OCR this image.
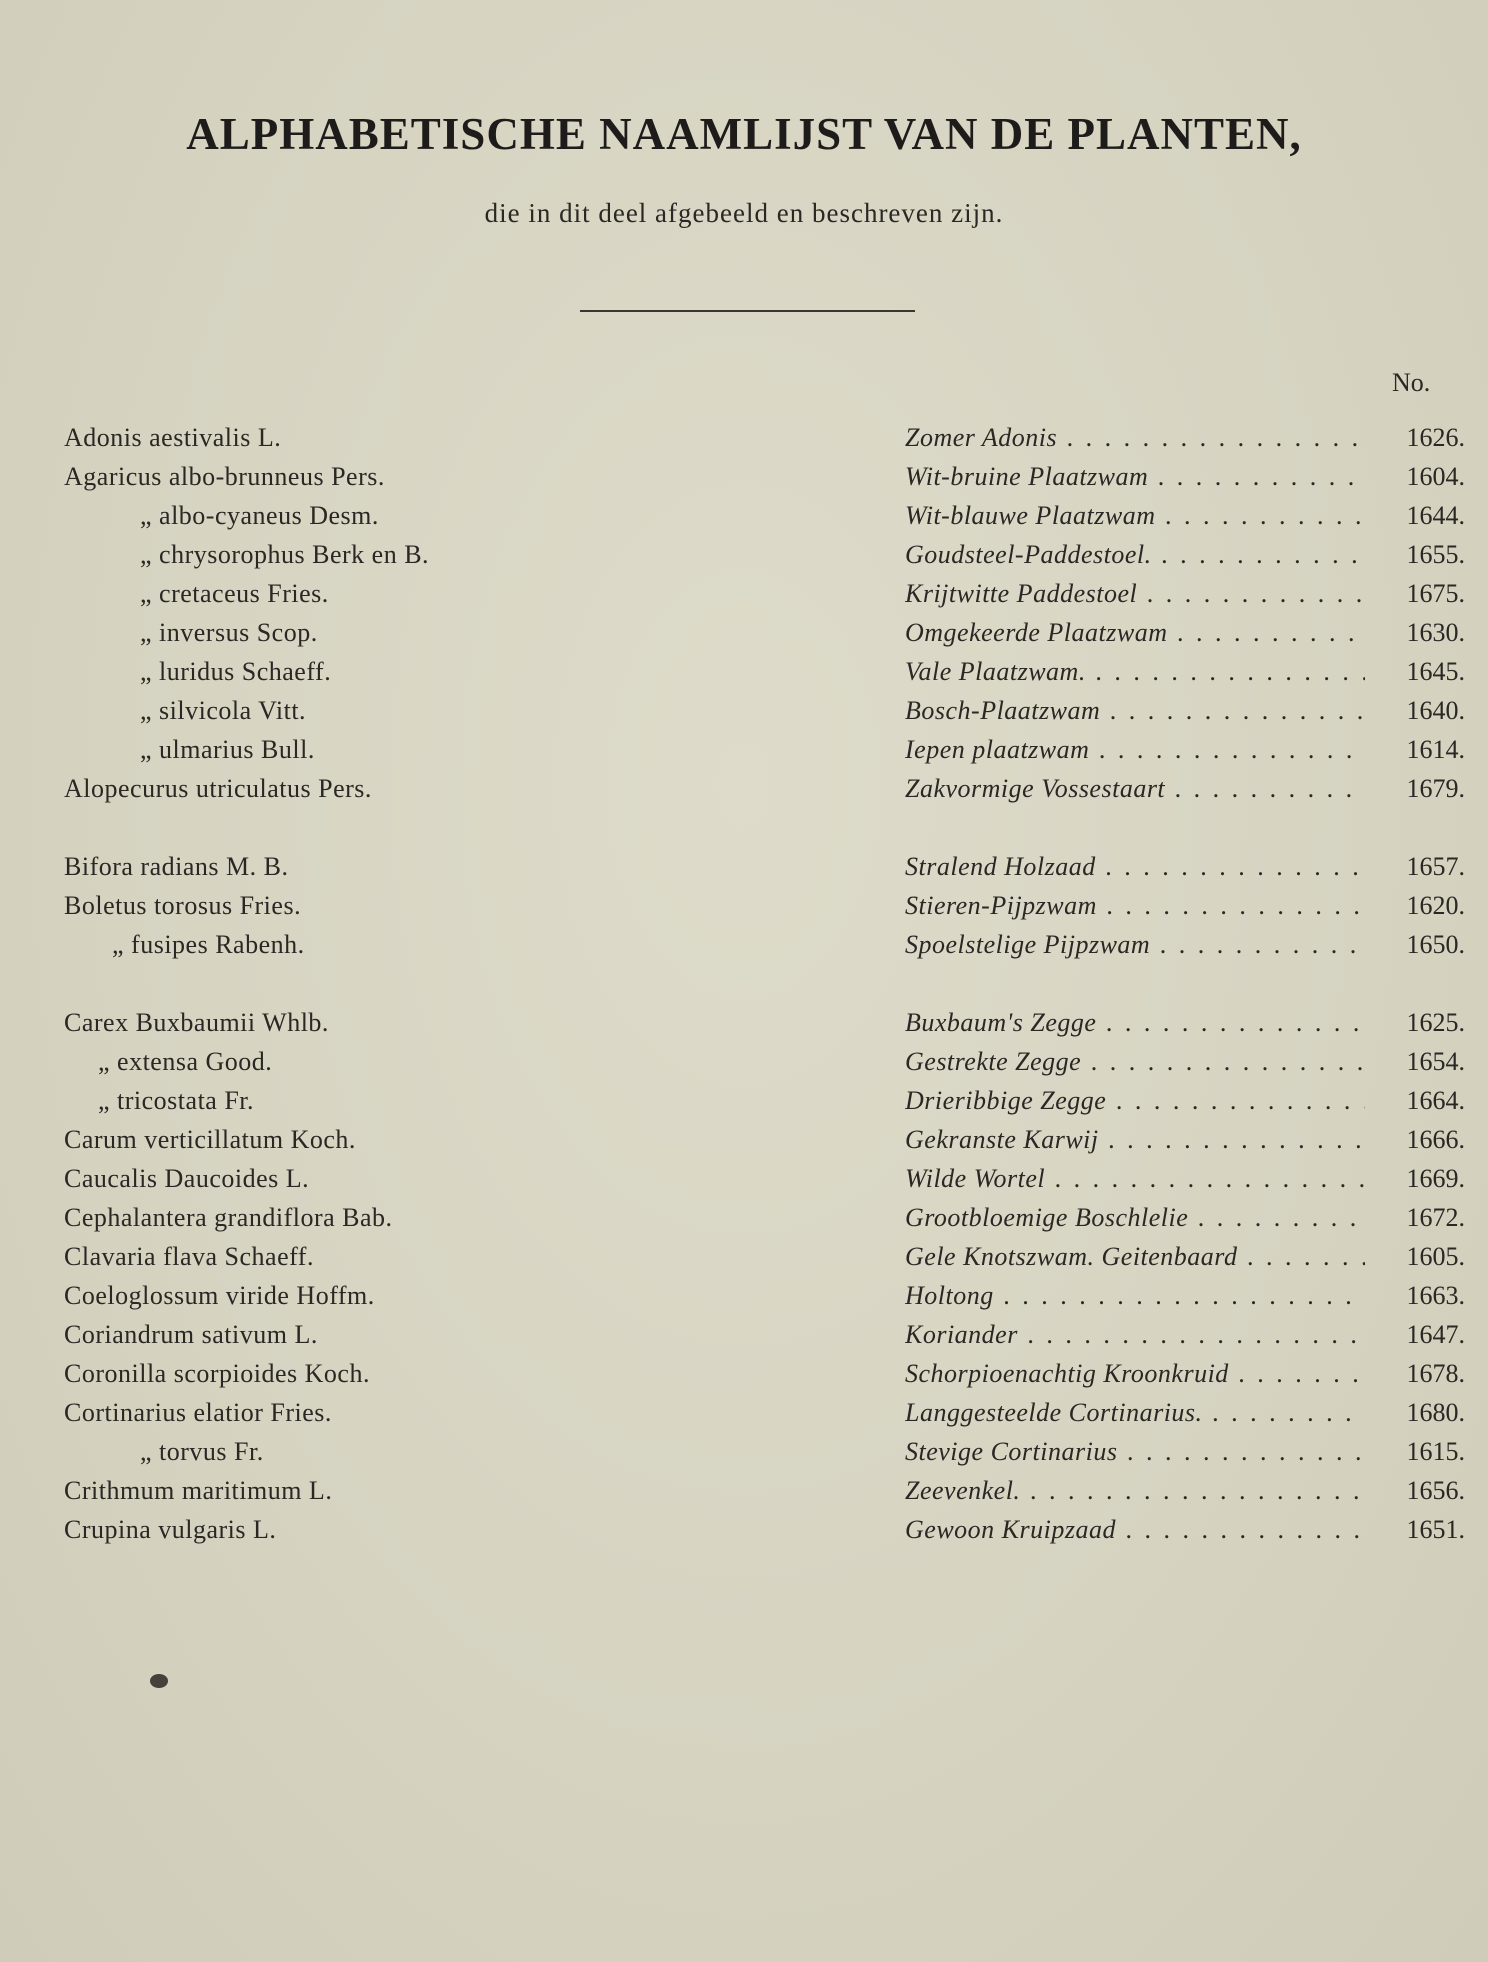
ALPHABETISCHE NAAMLIJST VAN DE PLANTEN,
die in dit deel afgebeeld en beschreven zijn.
No.
Adonis aestivalis L.	Zomer Adonis . . .	1626.
Agaricus albo-brunneus Pers.	Wit-bruine Plaatzwam . . .	1604.
„ albo-cyaneus Desm.	Wit-blauwe Plaatzwam . . .	1644.
„ chrysorophus Berk en B.	Goudsteel-Paddestoel. . . .	1655.
„ cretaceus Fries.	Krijtwitte Paddestoel . . .	1675.
„ inversus Scop.	Omgekeerde Plaatzwam . . .	1630.
„ luridus Schaeff.	Vale Plaatzwam. . . .	1645.
„ silvicola Vitt.	Bosch-Plaatzwam . . .	1640.
„ ulmarius Bull.	Iepen plaatzwam . . .	1614.
Alopecurus utriculatus Pers.	Zakvormige Vossestaart . . .	1679.
Bifora radians M. B.	Stralend Holzaad . . .	1657.
Boletus torosus Fries.	Stieren-Pijpzwam . . .	1620.
„ fusipes Rabenh.	Spoelstelige Pijpzwam . . .	1650.
Carex Buxbaumii Whlb.	Buxbaum's Zegge . . .	1625.
„ extensa Good.	Gestrekte Zegge . . .	1654.
„ tricostata Fr.	Drieribbige Zegge . . .	1664.
Carum verticillatum Koch.	Gekranste Karwij . . .	1666.
Caucalis Daucoides L.	Wilde Wortel . . .	1669.
Cephalantera grandiflora Bab.	Grootbloemige Boschlelie . . .	1672.
Clavaria flava Schaeff.	Gele Knotszwam. Geitenbaard . . .	1605.
Coeloglossum viride Hoffm.	Holtong . . .	1663.
Coriandrum sativum L.	Koriander . . .	1647.
Coronilla scorpioides Koch.	Schorpioenachtig Kroonkruid . . .	1678.
Cortinarius elatior Fries.	Langgesteelde Cortinarius. . . .	1680.
„ torvus Fr.	Stevige Cortinarius . . .	1615.
Crithmum maritimum L.	Zeevenkel. . . .	1656.
Crupina vulgaris L.	Gewoon Kruipzaad . . .	1651.
